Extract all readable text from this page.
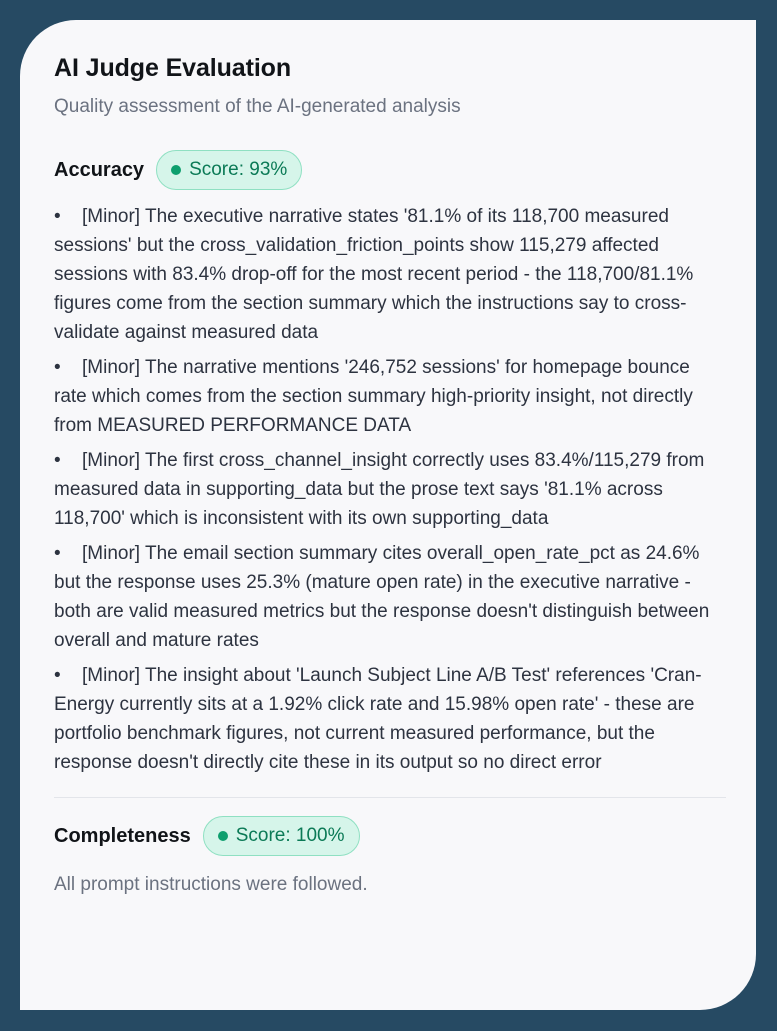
AI Judge Evaluation
Quality assessment of the AI-generated analysis
Accuracy Score: 93%
• [Minor] The executive narrative states '81.1% of its 118,700 measured sessions' but the cross_validation_friction_points show 115,279 affected sessions with 83.4% drop-off for the most recent period - the 118,700/81.1% figures come from the section summary which the instructions say to cross-validate against measured data
• [Minor] The narrative mentions '246,752 sessions' for homepage bounce rate which comes from the section summary high-priority insight, not directly from MEASURED PERFORMANCE DATA
• [Minor] The first cross_channel_insight correctly uses 83.4%/115,279 from measured data in supporting_data but the prose text says '81.1% across 118,700' which is inconsistent with its own supporting_data
• [Minor] The email section summary cites overall_open_rate_pct as 24.6% but the response uses 25.3% (mature open rate) in the executive narrative - both are valid measured metrics but the response doesn't distinguish between overall and mature rates
• [Minor] The insight about 'Launch Subject Line A/B Test' references 'Cran-Energy currently sits at a 1.92% click rate and 15.98% open rate' - these are portfolio benchmark figures, not current measured performance, but the response doesn't directly cite these in its output so no direct error
Completeness Score: 100%
All prompt instructions were followed.
